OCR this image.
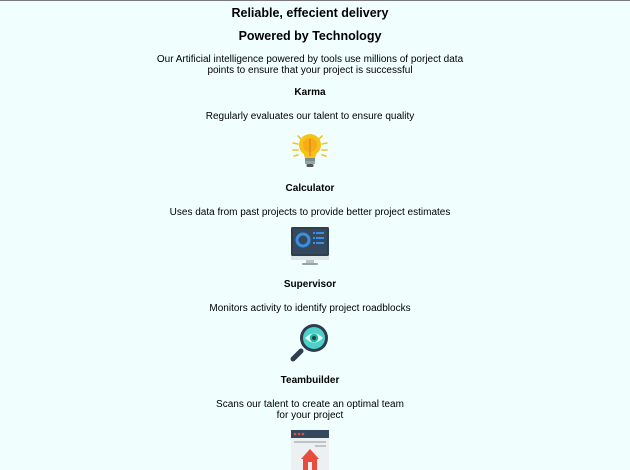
Reliable, effecient delivery
Powered by Technology
Our Artificial intelligence powered by tools use millions of porject data
points to ensure that your project is successful
Karma
Regularly evaluates our talent to ensure quality
Calculator
Uses data from past projects to provide better project estimates
Supervisor
Monitors activity to identify project roadblocks
Teambuilder
Scans our talent to create an optimal team
for your project
